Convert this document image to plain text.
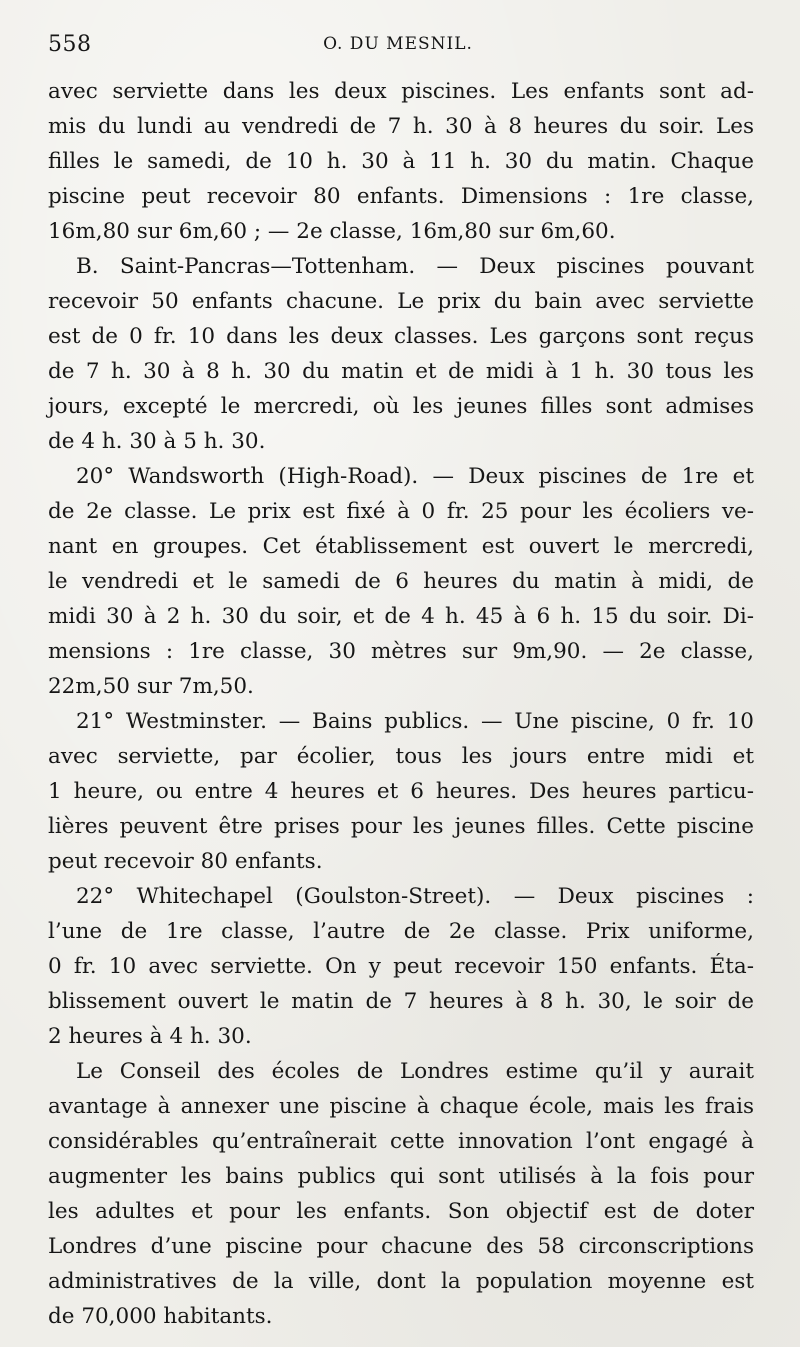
558	O. DU MESNIL.
avec serviette dans les deux piscines. Les enfants sont ad-
mis du lundi au vendredi de 7 h. 30 à 8 heures du soir. Les
filles le samedi, de 10 h. 30 à 11 h. 30 du matin. Chaque
piscine peut recevoir 80 enfants. Dimensions : 1re classe,
16m,80 sur 6m,60 ; — 2e classe, 16m,80 sur 6m,60.
B. Saint-Pancras—Tottenham. — Deux piscines pouvant
recevoir 50 enfants chacune. Le prix du bain avec serviette
est de 0 fr. 10 dans les deux classes. Les garçons sont reçus
de 7 h. 30 à 8 h. 30 du matin et de midi à 1 h. 30 tous les
jours, excepté le mercredi, où les jeunes filles sont admises
de 4 h. 30 à 5 h. 30.
20° Wandsworth (High-Road). — Deux piscines de 1re et
de 2e classe. Le prix est fixé à 0 fr. 25 pour les écoliers ve-
nant en groupes. Cet établissement est ouvert le mercredi,
le vendredi et le samedi de 6 heures du matin à midi, de
midi 30 à 2 h. 30 du soir, et de 4 h. 45 à 6 h. 15 du soir. Di-
mensions : 1re classe, 30 mètres sur 9m,90. — 2e classe,
22m,50 sur 7m,50.
21° Westminster. — Bains publics. — Une piscine, 0 fr. 10
avec serviette, par écolier, tous les jours entre midi et
1 heure, ou entre 4 heures et 6 heures. Des heures particu-
lières peuvent être prises pour les jeunes filles. Cette piscine
peut recevoir 80 enfants.
22° Whitechapel (Goulston-Street). — Deux piscines :
l’une de 1re classe, l’autre de 2e classe. Prix uniforme,
0 fr. 10 avec serviette. On y peut recevoir 150 enfants. Éta-
blissement ouvert le matin de 7 heures à 8 h. 30, le soir de
2 heures à 4 h. 30.
Le Conseil des écoles de Londres estime qu’il y aurait
avantage à annexer une piscine à chaque école, mais les frais
considérables qu’entraînerait cette innovation l’ont engagé à
augmenter les bains publics qui sont utilisés à la fois pour
les adultes et pour les enfants. Son objectif est de doter
Londres d’une piscine pour chacune des 58 circonscriptions
administratives de la ville, dont la population moyenne est
de 70,000 habitants.
